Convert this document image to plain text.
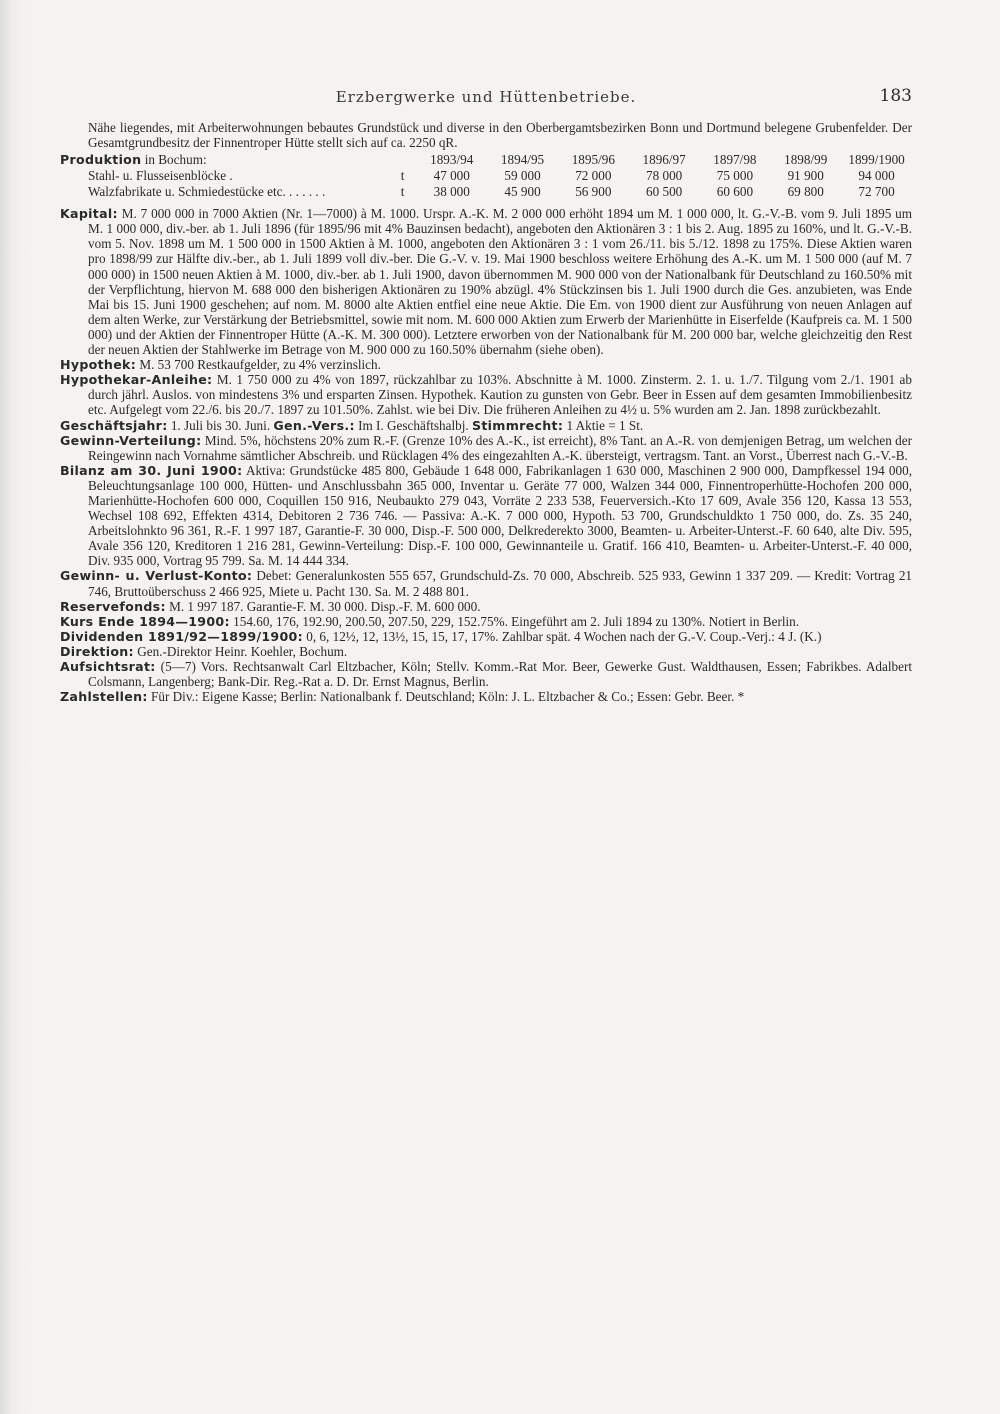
Erzbergwerke und Hüttenbetriebe.	183

Nähe liegendes, mit Arbeiterwohnungen bebautes Grundstück und diverse in den Oberbergamtsbezirken Bonn und Dortmund belegene Grubenfelder. Der Gesamtgrundbesitz der Finnentroper Hütte stellt sich auf ca. 2250 qR.

Produktion in Bochum:		1893/94	1894/95	1895/96	1896/97	1897/98	1898/99	1899/1900
Stahl- u. Flusseisenblöcke .	t	47 000	59 000	72 000	78 000	75 000	91 900	94 000
Walzfabrikate u. Schmiedestücke etc. . . . . . .	t	38 000	45 900	56 900	60 500	60 600	69 800	72 700

Kapital: M. 7 000 000 in 7000 Aktien (Nr. 1—7000) à M. 1000. Urspr. A.-K. M. 2 000 000 erhöht 1894 um M. 1 000 000, lt. G.-V.-B. vom 9. Juli 1895 um M. 1 000 000, div.-ber. ab 1. Juli 1896 (für 1895/96 mit 4% Bauzinsen bedacht), angeboten den Aktionären 3 : 1 bis 2. Aug. 1895 zu 160%, und lt. G.-V.-B. vom 5. Nov. 1898 um M. 1 500 000 in 1500 Aktien à M. 1000, angeboten den Aktionären 3 : 1 vom 26./11. bis 5./12. 1898 zu 175%. Diese Aktien waren pro 1898/99 zur Hälfte div.-ber., ab 1. Juli 1899 voll div.-ber. Die G.-V. v. 19. Mai 1900 beschloss weitere Erhöhung des A.-K. um M. 1 500 000 (auf M. 7 000 000) in 1500 neuen Aktien à M. 1000, div.-ber. ab 1. Juli 1900, davon übernommen M. 900 000 von der Nationalbank für Deutschland zu 160.50% mit der Verpflichtung, hiervon M. 688 000 den bisherigen Aktionären zu 190% abzügl. 4% Stückzinsen bis 1. Juli 1900 durch die Ges. anzubieten, was Ende Mai bis 15. Juni 1900 geschehen; auf nom. M. 8000 alte Aktien entfiel eine neue Aktie. Die Em. von 1900 dient zur Ausführung von neuen Anlagen auf dem alten Werke, zur Verstärkung der Betriebsmittel, sowie mit nom. M. 600 000 Aktien zum Erwerb der Marienhütte in Eiserfelde (Kaufpreis ca. M. 1 500 000) und der Aktien der Finnentroper Hütte (A.-K. M. 300 000). Letztere erworben von der Nationalbank für M. 200 000 bar, welche gleichzeitig den Rest der neuen Aktien der Stahlwerke im Betrage von M. 900 000 zu 160.50% übernahm (siehe oben).

Hypothek: M. 53 700 Restkaufgelder, zu 4% verzinslich.

Hypothekar-Anleihe: M. 1 750 000 zu 4% von 1897, rückzahlbar zu 103%. Abschnitte à M. 1000. Zinsterm. 2. 1. u. 1./7. Tilgung vom 2./1. 1901 ab durch jährl. Auslos. von mindestens 3% und ersparten Zinsen. Hypothek. Kaution zu gunsten von Gebr. Beer in Essen auf dem gesamten Immobilienbesitz etc. Aufgelegt vom 22./6. bis 20./7. 1897 zu 101.50%. Zahlst. wie bei Div. Die früheren Anleihen zu 4½ u. 5% wurden am 2. Jan. 1898 zurückbezahlt.

Geschäftsjahr: 1. Juli bis 30. Juni. Gen.-Vers.: Im I. Geschäftshalbj. Stimmrecht: 1 Aktie = 1 St.

Gewinn-Verteilung: Mind. 5%, höchstens 20% zum R.-F. (Grenze 10% des A.-K., ist erreicht), 8% Tant. an A.-R. von demjenigen Betrag, um welchen der Reingewinn nach Vornahme sämtlicher Abschreib. und Rücklagen 4% des eingezahlten A.-K. übersteigt, vertragsm. Tant. an Vorst., Überrest nach G.-V.-B.

Bilanz am 30. Juni 1900: Aktiva: Grundstücke 485 800, Gebäude 1 648 000, Fabrikanlagen 1 630 000, Maschinen 2 900 000, Dampfkessel 194 000, Beleuchtungsanlage 100 000, Hütten- und Anschlussbahn 365 000, Inventar u. Geräte 77 000, Walzen 344 000, Finnentroperhütte-Hochofen 200 000, Marienhütte-Hochofen 600 000, Coquillen 150 916, Neubaukto 279 043, Vorräte 2 233 538, Feuerversich.-Kto 17 609, Avale 356 120, Kassa 13 553, Wechsel 108 692, Effekten 4314, Debitoren 2 736 746. — Passiva: A.-K. 7 000 000, Hypoth. 53 700, Grundschuldkto 1 750 000, do. Zs. 35 240, Arbeitslohnkto 96 361, R.-F. 1 997 187, Garantie-F. 30 000, Disp.-F. 500 000, Delkrederekto 3000, Beamten- u. Arbeiter-Unterst.-F. 60 640, alte Div. 595, Avale 356 120, Kreditoren 1 216 281, Gewinn-Verteilung: Disp.-F. 100 000, Gewinnanteile u. Gratif. 166 410, Beamten- u. Arbeiter-Unterst.-F. 40 000, Div. 935 000, Vortrag 95 799. Sa. M. 14 444 334.

Gewinn- u. Verlust-Konto: Debet: Generalunkosten 555 657, Grundschuld-Zs. 70 000, Abschreib. 525 933, Gewinn 1 337 209. — Kredit: Vortrag 21 746, Bruttoüberschuss 2 466 925, Miete u. Pacht 130. Sa. M. 2 488 801.

Reservefonds: M. 1 997 187. Garantie-F. M. 30 000. Disp.-F. M. 600 000.

Kurs Ende 1894—1900: 154.60, 176, 192.90, 200.50, 207.50, 229, 152.75%. Eingeführt am 2. Juli 1894 zu 130%. Notiert in Berlin.

Dividenden 1891/92—1899/1900: 0, 6, 12½, 12, 13½, 15, 15, 17, 17%. Zahlbar spät. 4 Wochen nach der G.-V. Coup.-Verj.: 4 J. (K.)

Direktion: Gen.-Direktor Heinr. Koehler, Bochum.

Aufsichtsrat: (5—7) Vors. Rechtsanwalt Carl Eltzbacher, Köln; Stellv. Komm.-Rat Mor. Beer, Gewerke Gust. Waldthausen, Essen; Fabrikbes. Adalbert Colsmann, Langenberg; Bank-Dir. Reg.-Rat a. D. Dr. Ernst Magnus, Berlin.

Zahlstellen: Für Div.: Eigene Kasse; Berlin: Nationalbank f. Deutschland; Köln: J. L. Eltzbacher & Co.; Essen: Gebr. Beer. *
